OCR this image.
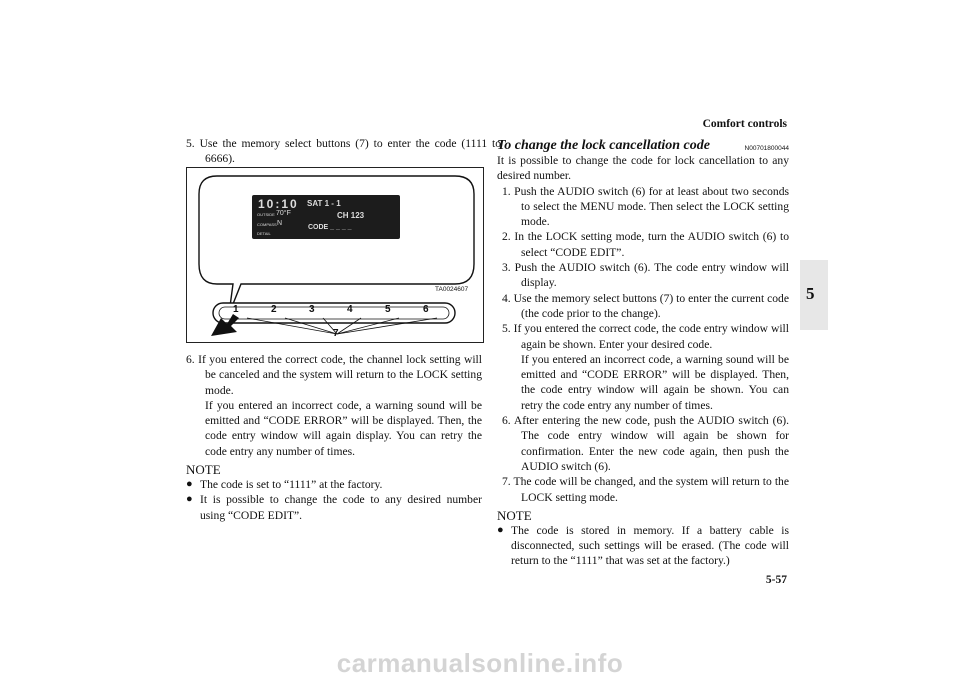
Comfort controls
5
5. Use the memory select buttons (7) to enter the code (1111 to 6666).
10:10
OUTSIDE 70°F
COMPASS N
DETAIL
SAT 1 - 1
CH 123
CODE _ _ _ _
1	2	3	4	5	6
7
TA0024607
6. If you entered the correct code, the channel lock setting will be canceled and the system will return to the LOCK setting mode.
If you entered an incorrect code, a warning sound will be emitted and “CODE ERROR” will be displayed. Then, the code entry window will again display. You can retry the code entry any number of times.
NOTE
● The code is set to “1111” at the factory.
● It is possible to change the code to any desired number using “CODE EDIT”.
To change the lock cancellation code	N00701800044
It is possible to change the code for lock cancellation to any desired number.
1. Push the AUDIO switch (6) for at least about two seconds to select the MENU mode. Then select the LOCK setting mode.
2. In the LOCK setting mode, turn the AUDIO switch (6) to select “CODE EDIT”.
3. Push the AUDIO switch (6). The code entry window will display.
4. Use the memory select buttons (7) to enter the current code (the code prior to the change).
5. If you entered the correct code, the code entry window will again be shown. Enter your desired code.
If you entered an incorrect code, a warning sound will be emitted and “CODE ERROR” will be displayed. Then, the code entry window will again be shown. You can retry the code entry any number of times.
6. After entering the new code, push the AUDIO switch (6). The code entry window will again be shown for confirmation. Enter the new code again, then push the AUDIO switch (6).
7. The code will be changed, and the system will return to the LOCK setting mode.
NOTE
● The code is stored in memory. If a battery cable is disconnected, such settings will be erased. (The code will return to the “1111” that was set at the factory.)
5-57
carmanualsonline.info
